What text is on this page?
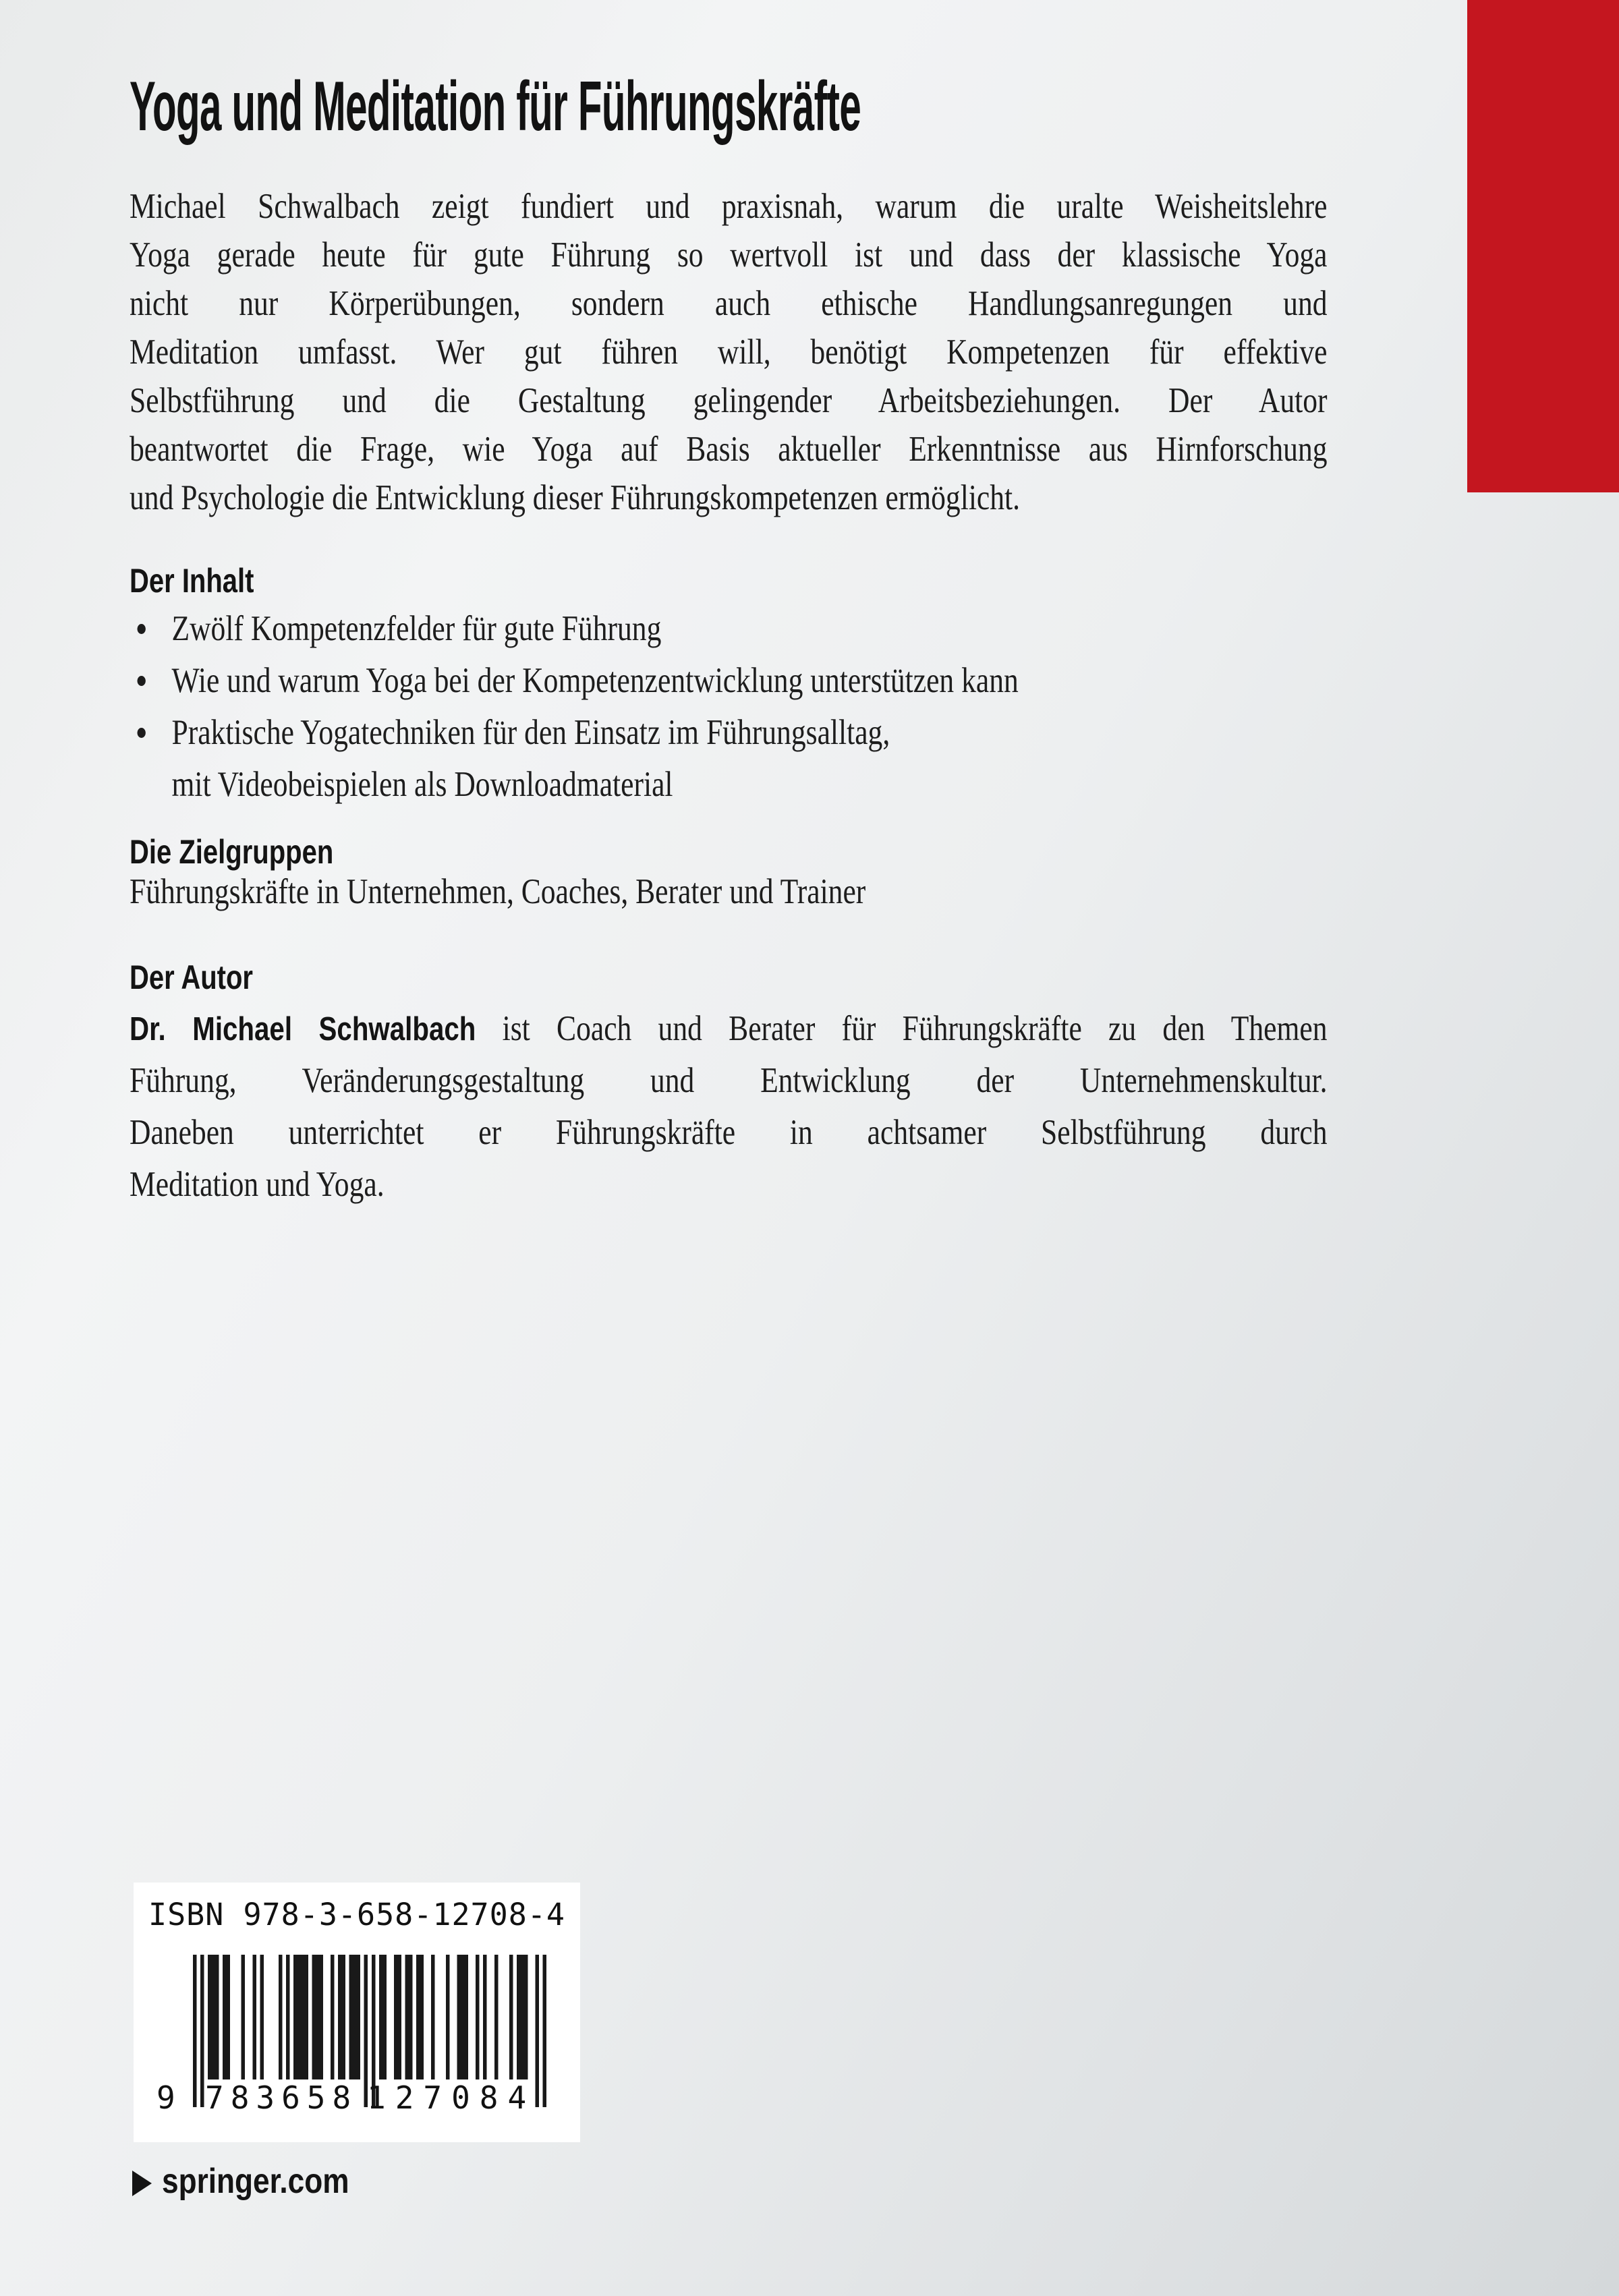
Yoga und Meditation für Führungskräfte
Michael Schwalbach zeigt fundiert und praxisnah, warum die uralte Weisheitslehre
Yoga gerade heute für gute Führung so wertvoll ist und dass der klassische Yoga
nicht nur Körperübungen, sondern auch ethische Handlungsanregungen und
Meditation umfasst. Wer gut führen will, benötigt Kompetenzen für effektive
Selbstführung und die Gestaltung gelingender Arbeitsbeziehungen. Der Autor
beantwortet die Frage, wie Yoga auf Basis aktueller Erkenntnisse aus Hirnforschung
und Psychologie die Entwicklung dieser Führungskompetenzen ermöglicht.
Der Inhalt
Zwölf Kompetenzfelder für gute Führung
Wie und warum Yoga bei der Kompetenzentwicklung unterstützen kann
Praktische Yogatechniken für den Einsatz im Führungsalltag,
mit Videobeispielen als Downloadmaterial
Die Zielgruppen
Führungskräfte in Unternehmen, Coaches, Berater und Trainer
Der Autor
Dr. Michael Schwalbach ist Coach und Berater für Führungskräfte zu den Themen
Führung, Veränderungsgestaltung und Entwicklung der Unternehmenskultur.
Daneben unterrichtet er Führungskräfte in achtsamer Selbstführung durch
Meditation und Yoga.
ISBN 978-3-658-12708-4
9 783658 127084
springer.com
